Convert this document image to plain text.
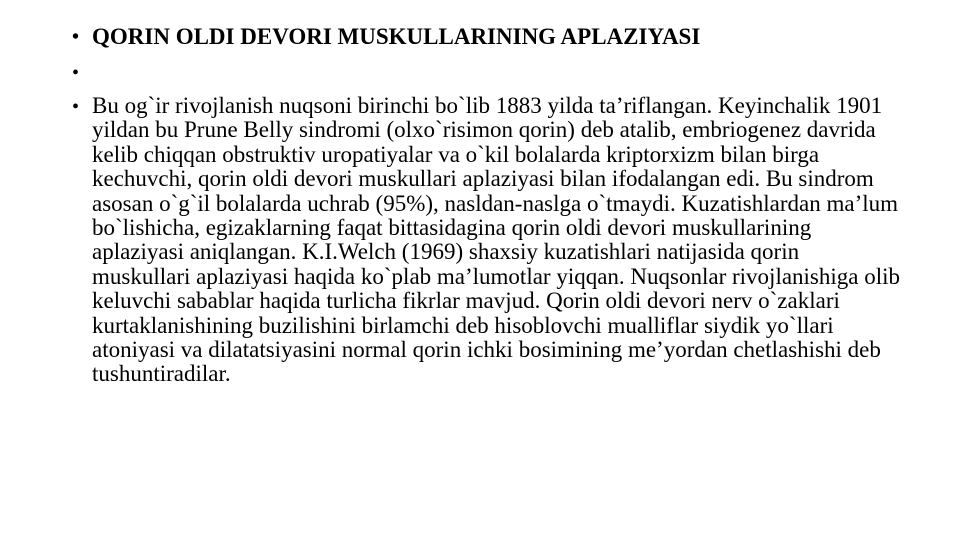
• QORIN OLDI DEVORI MUSKULLARINING APLAZIYASI
•
• Bu og`ir rivojlanish nuqsoni birinchi bo`lib 1883 yilda ta’riflangan. Keyinchalik 1901 yildan bu Prune Belly sindromi (olxo`risimon qorin) deb atalib, embriogenez davrida kelib chiqqan obstruktiv uropatiyalar va o`kil bolalarda kriptorxizm bilan birga kechuvchi, qorin oldi devori muskullari aplaziyasi bilan ifodalangan edi. Bu sindrom asosan o`g`il bolalarda uchrab (95%), nasldan-naslga o`tmaydi. Kuzatishlardan ma’lum bo`lishicha, egizaklarning faqat bittasidagina qorin oldi devori muskullarining aplaziyasi aniqlangan. K.I.Welch (1969) shaxsiy kuzatishlari natijasida qorin muskullari aplaziyasi haqida ko`plab ma’lumotlar yiqqan. Nuqsonlar rivojlanishiga olib keluvchi sabablar haqida turlicha fikrlar mavjud. Qorin oldi devori nerv o`zaklari kurtaklanishining buzilishini birlamchi deb hisoblovchi mualliflar siydik yo`llari atoniyasi va dilatatsiyasini normal qorin ichki bosimining me’yordan chetlashishi deb tushuntiradilar.
